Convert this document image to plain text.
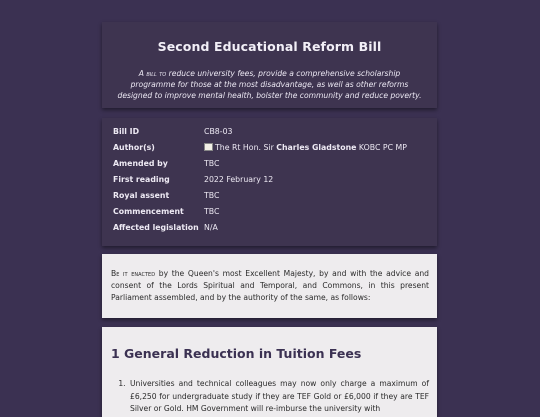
Second Educational Reform Bill
A bill to reduce university fees, provide a comprehensive scholarship programme for those at the most disadvantage, as well as other reforms designed to improve mental health, bolster the community and reduce poverty.
Bill ID	CB8-03
Author(s)	The Rt Hon. Sir Charles Gladstone KOBC PC MP
Amended by	TBC
First reading	2022 February 12
Royal assent	TBC
Commencement	TBC
Affected legislation N/A

Be it enacted by the Queen's most Excellent Majesty, by and with the advice and consent of the Lords Spiritual and Temporal, and Commons, in this present Parliament assembled, and by the authority of the same, as follows:

1 General Reduction in Tuition Fees
1. Universities and technical colleagues may now only charge a maximum of £6,250 for undergraduate study if they are TEF Gold or £6,000 if they are TEF Silver or Gold. HM Government will re-imburse the university with
